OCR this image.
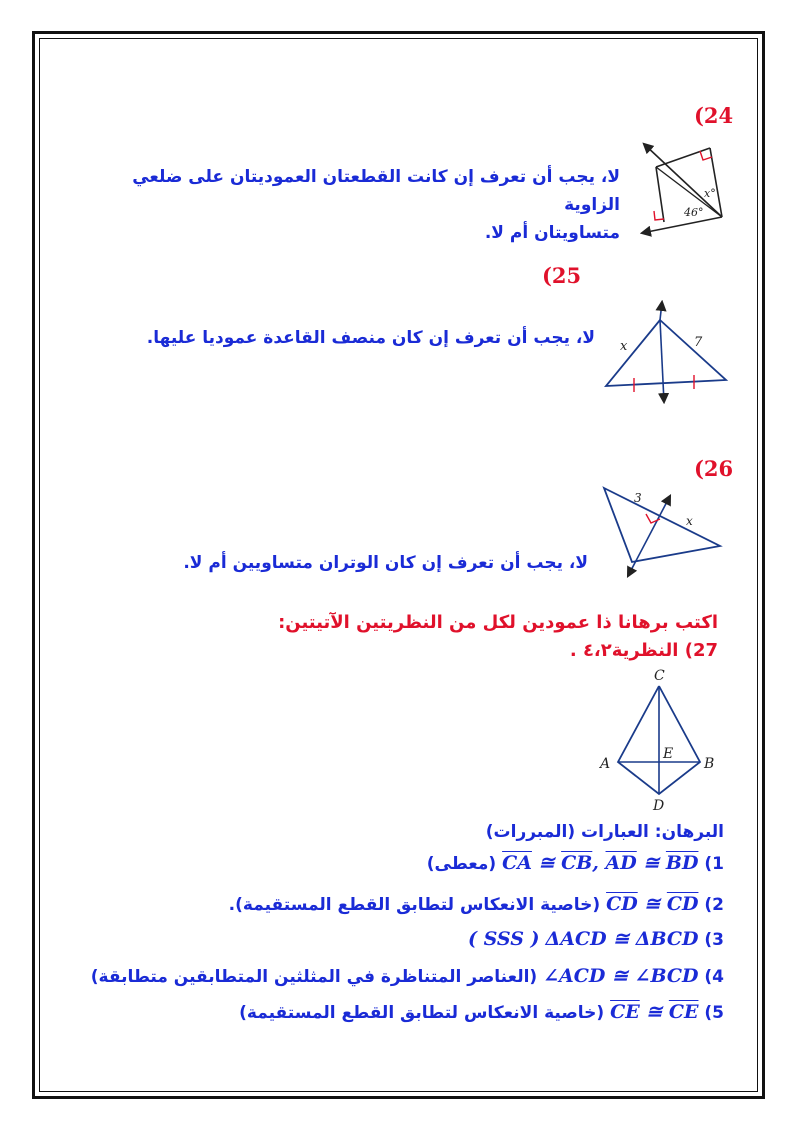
(24
x°
46°
لا، يجب أن تعرف إن كانت القطعتان العموديتان على ضلعي الزاوية
متساويتان أم لا.
(25
x	7
لا، يجب أن تعرف إن كان منصف القاعدة عموديا عليها.
(26
3
x
لا، يجب أن تعرف إن كان الوتران متساويين أم لا.
اكتب برهانا ذا عمودين لكل من النظريتين الآتيتين:
27) النظرية٤،٢ .
C
A
E
B
D
البرهان: العبارات (المبررات)
1) $\overline{CA}$ ≅ $\overline{CB}$, $\overline{AD}$ ≅ $\overline{BD}$ (معطى)
2) $\overline{CD}$ ≅ $\overline{CD}$ (خاصية الانعكاس لتطابق القطع المستقيمة).
3) ΔACD ≅ ΔBCD ( SSS )
4) ∠ACD ≅ ∠BCD (العناصر المتناظرة في المثلثين المتطابقين متطابقة)
5) $\overline{CE}$ ≅ $\overline{CE}$ (خاصية الانعكاس لتطابق القطع المستقيمة)
